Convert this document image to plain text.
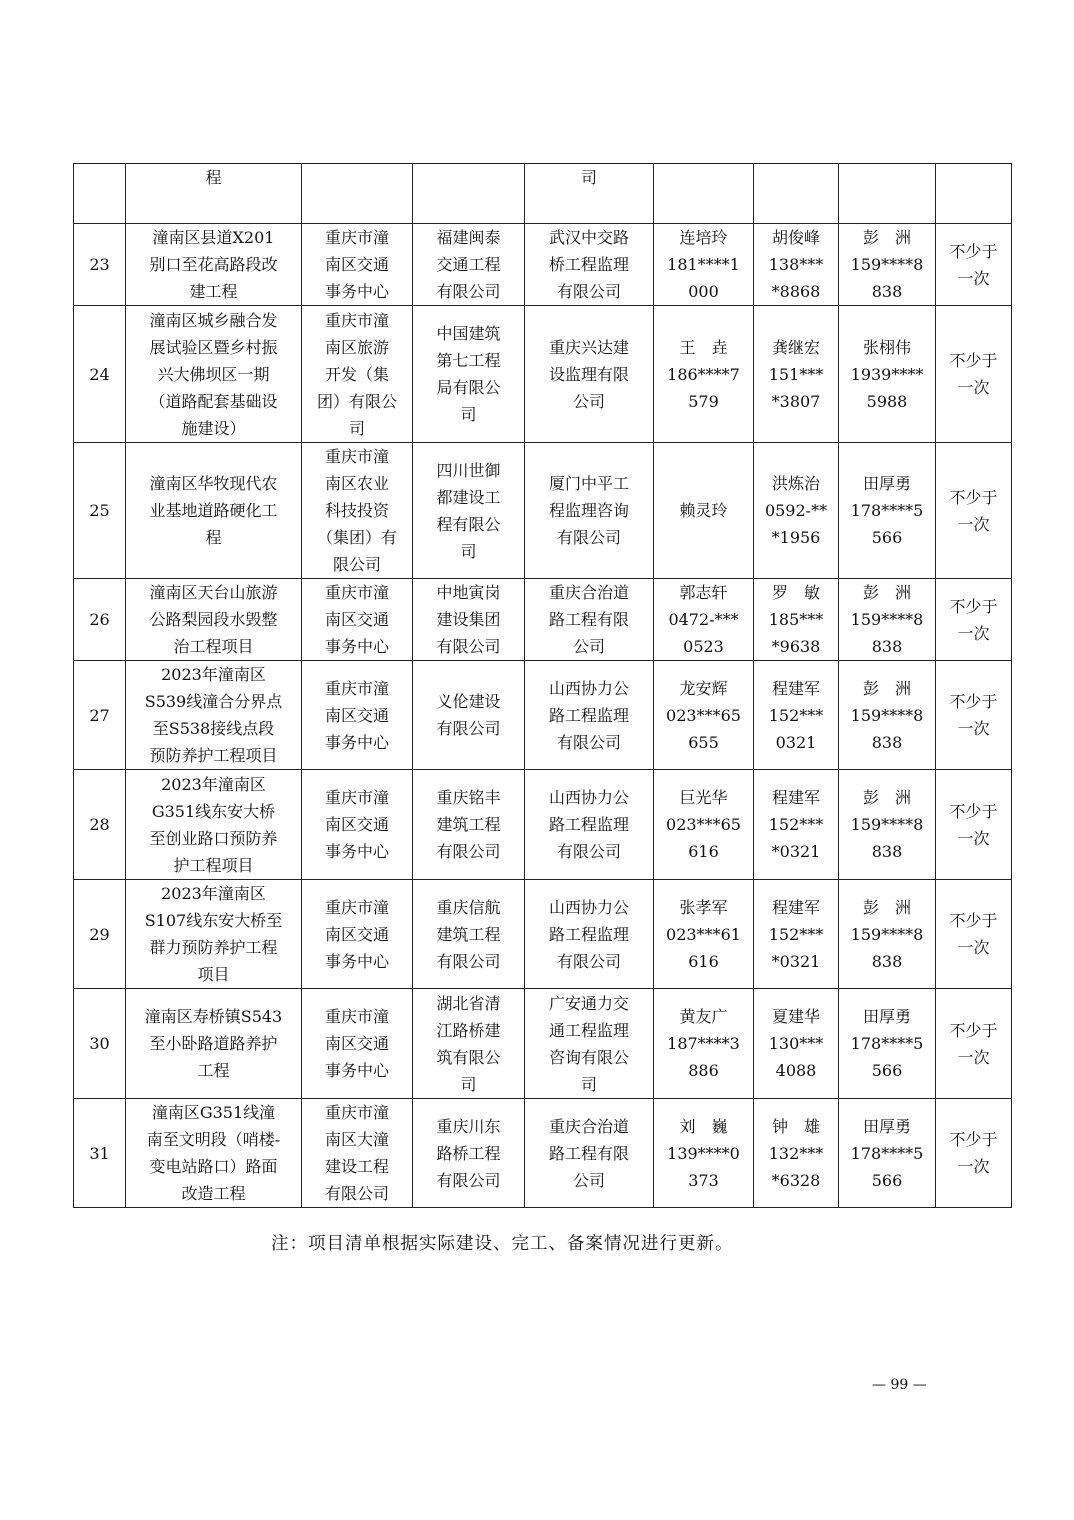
	程			司				
23	潼南区县道X201
别口至花高路段改
建工程	重庆市潼
南区交通
事务中心	福建闽泰
交通工程
有限公司	武汉中交路
桥工程监理
有限公司	连培玲
181****1
000	胡俊峰
138***
*8868	彭　洲
159****8
838	不少于
一次
24	潼南区城乡融合发
展试验区暨乡村振
兴大佛坝区一期
（道路配套基础设
施建设）	重庆市潼
南区旅游
开发（集
团）有限公
司	中国建筑
第七工程
局有限公
司	重庆兴达建
设监理有限
公司	王　垚
186****7
579	龚继宏
151***
*3807	张栩伟
1939****
5988	不少于
一次
25	潼南区华牧现代农
业基地道路硬化工
程	重庆市潼
南区农业
科技投资
（集团）有
限公司	四川世御
都建设工
程有限公
司	厦门中平工
程监理咨询
有限公司	赖灵玲	洪炼治
0592-**
*1956	田厚勇
178****5
566	不少于
一次
26	潼南区天台山旅游
公路梨园段水毁整
治工程项目	重庆市潼
南区交通
事务中心	中地寅岗
建设集团
有限公司	重庆合治道
路工程有限
公司	郭志轩
0472-***
0523	罗　敏
185***
*9638	彭　洲
159****8
838	不少于
一次
27	2023年潼南区
S539线潼合分界点
至S538接线点段
预防养护工程项目	重庆市潼
南区交通
事务中心	义伦建设
有限公司	山西协力公
路工程监理
有限公司	龙安辉
023***65
655	程建军
152***
0321	彭　洲
159****8
838	不少于
一次
28	2023年潼南区
G351线东安大桥
至创业路口预防养
护工程项目	重庆市潼
南区交通
事务中心	重庆铭丰
建筑工程
有限公司	山西协力公
路工程监理
有限公司	巨光华
023***65
616	程建军
152***
*0321	彭　洲
159****8
838	不少于
一次
29	2023年潼南区
S107线东安大桥至
群力预防养护工程
项目	重庆市潼
南区交通
事务中心	重庆信航
建筑工程
有限公司	山西协力公
路工程监理
有限公司	张孝军
023***61
616	程建军
152***
*0321	彭　洲
159****8
838	不少于
一次
30	潼南区寿桥镇S543
至小卧路道路养护
工程	重庆市潼
南区交通
事务中心	湖北省清
江路桥建
筑有限公
司	广安通力交
通工程监理
咨询有限公
司	黄友广
187****3
886	夏建华
130***
4088	田厚勇
178****5
566	不少于
一次
31	潼南区G351线潼
南至文明段（哨楼-
变电站路口）路面
改造工程	重庆市潼
南区大潼
建设工程
有限公司	重庆川东
路桥工程
有限公司	重庆合治道
路工程有限
公司	刘　巍
139****0
373	钟　雄
132***
*6328	田厚勇
178****5
566	不少于
一次
注：项目清单根据实际建设、完工、备案情况进行更新。
— 99 —
